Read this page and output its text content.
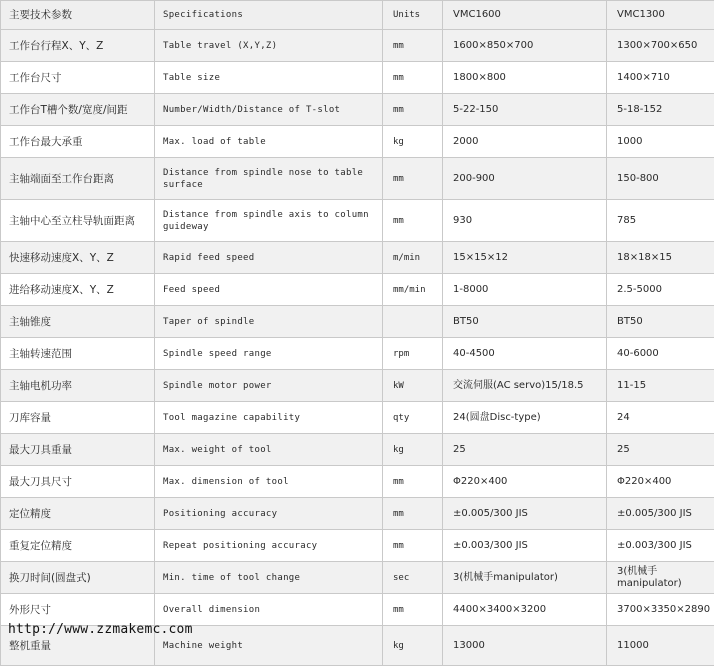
主要技术参数	Specifications	Units	VMC1600	VMC1300
工作台行程X、Y、Z	Table travel (X,Y,Z)	mm	1600×850×700	1300×700×650
工作台尺寸	Table size	mm	1800×800	1400×710
工作台T槽个数/宽度/间距	Number/Width/Distance of T-slot	mm	5-22-150	5-18-152
工作台最大承重	Max. load of table	kg	2000	1000
主轴端面至工作台距离	Distance from spindle nose to table surface	mm	200-900	150-800
主轴中心至立柱导轨面距离	Distance from spindle axis to column guideway	mm	930	785
快速移动速度X、Y、Z	Rapid feed speed	m/min	15×15×12	18×18×15
进给移动速度X、Y、Z	Feed speed	mm/min	1-8000	2.5-5000
主轴锥度	Taper of spindle		BT50	BT50
主轴转速范围	Spindle speed range	rpm	40-4500	40-6000
主轴电机功率	Spindle motor power	kW	交流伺服(AC servo)15/18.5	11-15
刀库容量	Tool magazine capability	qty	24(圆盘Disc-type)	24
最大刀具重量	Max. weight of tool	kg	25	25
最大刀具尺寸	Max. dimension of tool	mm	Φ220×400	Φ220×400
定位精度	Positioning accuracy	mm	±0.005/300 JIS	±0.005/300 JIS
重复定位精度	Repeat positioning accuracy	mm	±0.003/300 JIS	±0.003/300 JIS
换刀时间(圆盘式)	Min. time of tool change	sec	3(机械手manipulator)	3(机械手manipulator)
外形尺寸	Overall dimension	mm	4400×3400×3200	3700×3350×2890
整机重量	Machine weight	kg	13000	11000
http://www.zzmakemc.com
